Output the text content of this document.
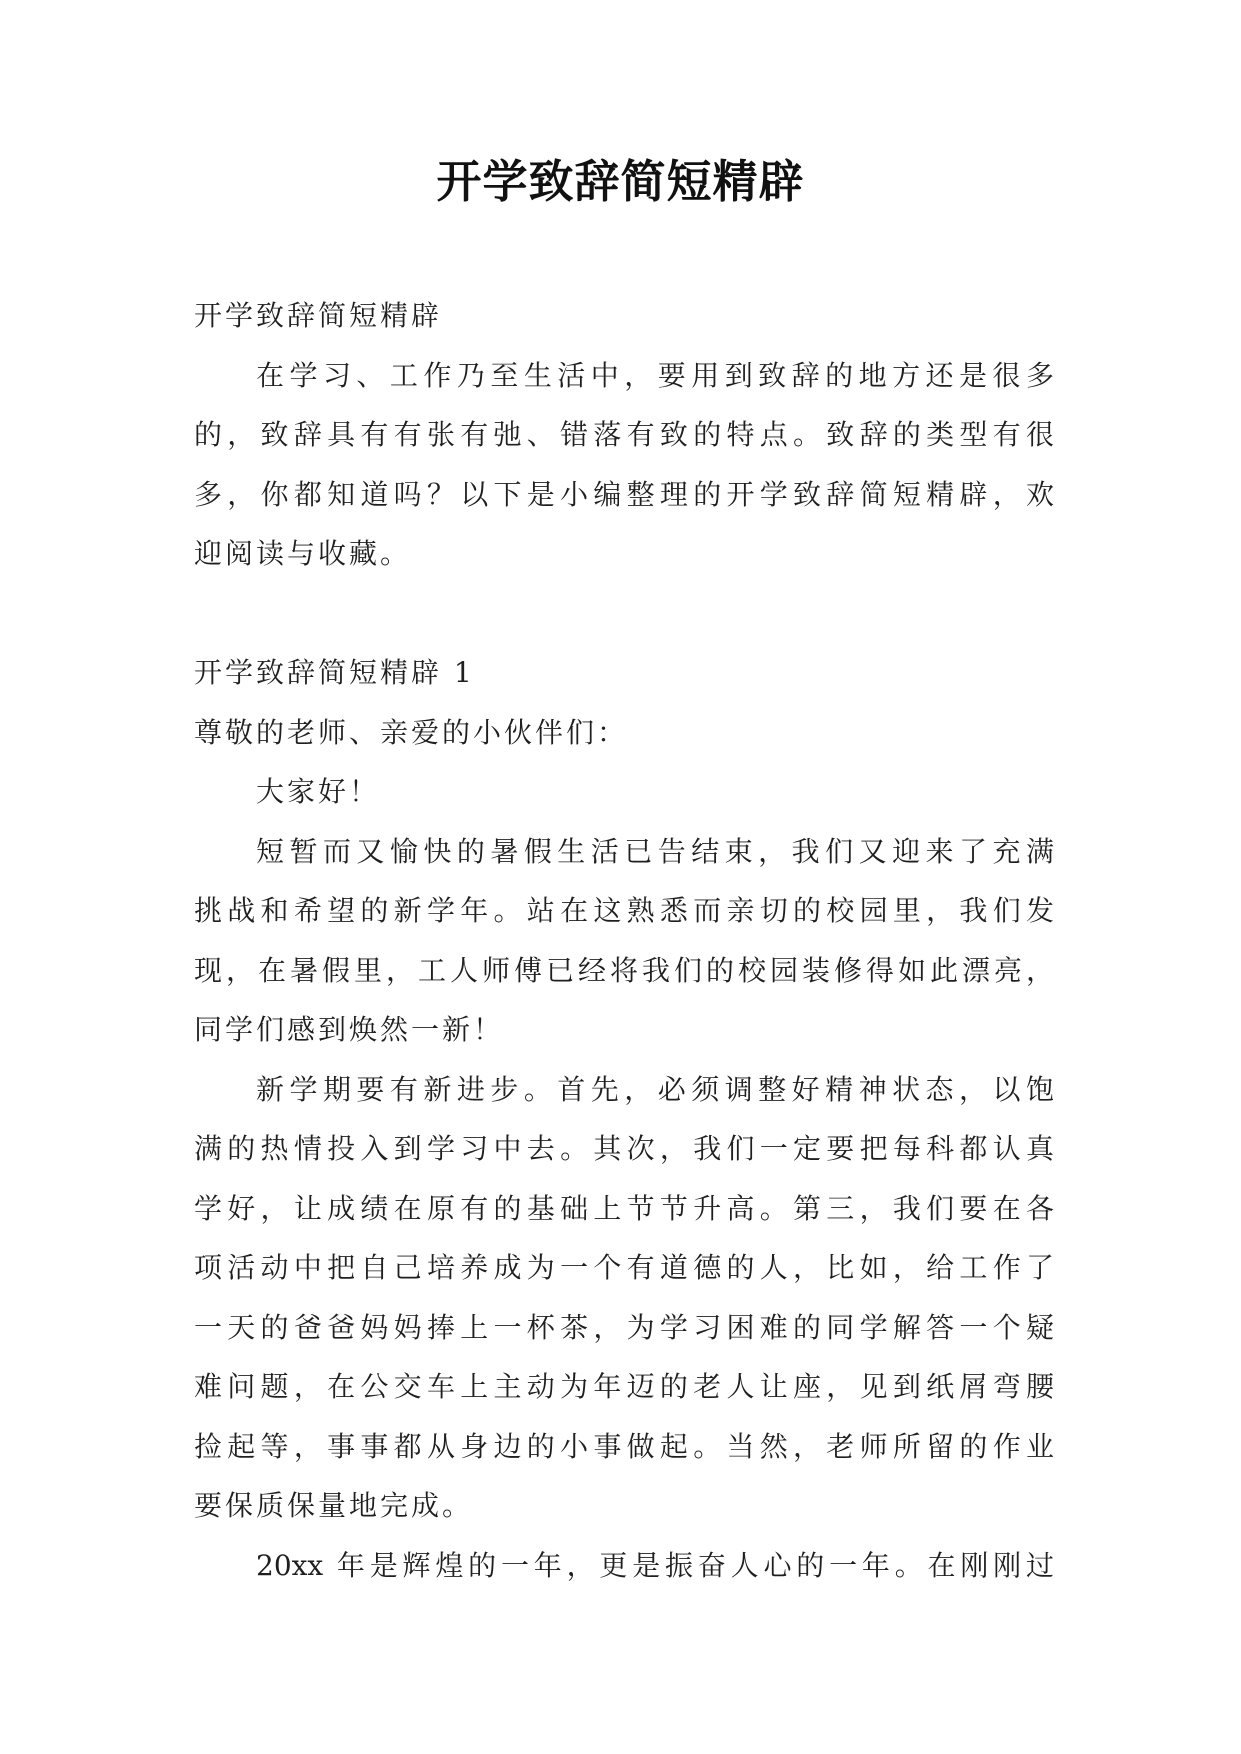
开学致辞简短精辟
开学致辞简短精辟
在学习、工作乃至生活中，要用到致辞的地方还是很多
的，致辞具有有张有弛、错落有致的特点。致辞的类型有很
多，你都知道吗？以下是小编整理的开学致辞简短精辟，欢
迎阅读与收藏。
开学致辞简短精辟 1
尊敬的老师、亲爱的小伙伴们：
大家好！
短暂而又愉快的暑假生活已告结束，我们又迎来了充满
挑战和希望的新学年。站在这熟悉而亲切的校园里，我们发
现，在暑假里，工人师傅已经将我们的校园装修得如此漂亮，
同学们感到焕然一新！
新学期要有新进步。首先，必须调整好精神状态，以饱
满的热情投入到学习中去。其次，我们一定要把每科都认真
学好，让成绩在原有的基础上节节升高。第三，我们要在各
项活动中把自己培养成为一个有道德的人，比如，给工作了
一天的爸爸妈妈捧上一杯茶，为学习困难的同学解答一个疑
难问题，在公交车上主动为年迈的老人让座，见到纸屑弯腰
捡起等，事事都从身边的小事做起。当然，老师所留的作业
要保质保量地完成。
20xx 年是辉煌的一年，更是振奋人心的一年。在刚刚过
